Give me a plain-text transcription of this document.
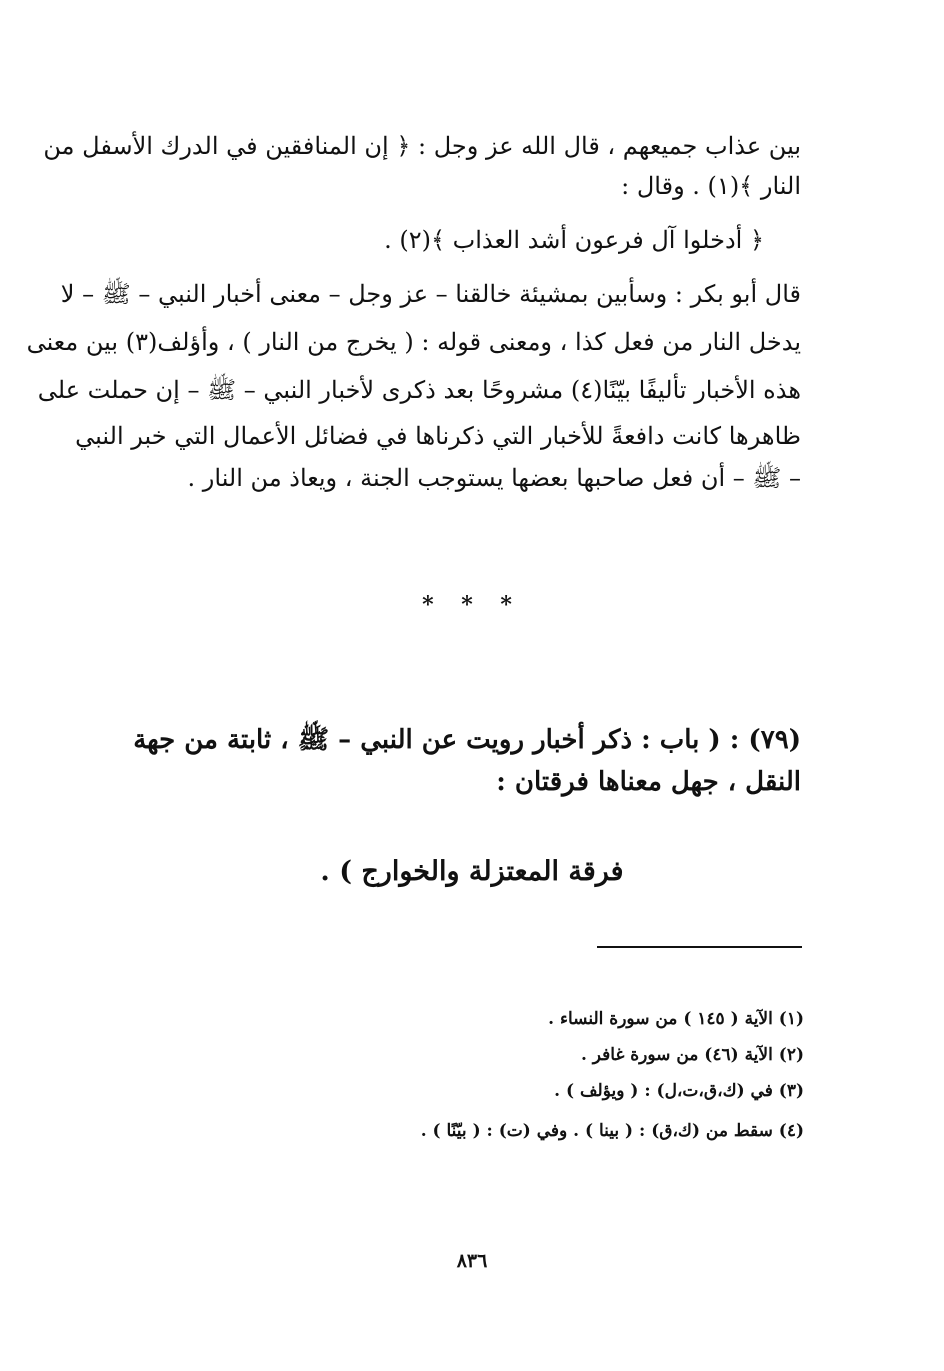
بين عذاب جميعهم ، قال الله عز وجل : ﴿ إن المنافقين في الدرك الأسفل من
النار ﴾(١) . وقال :
﴿ أدخلوا آل فرعون أشد العذاب ﴾(٢) .
قال أبو بكر : وسأبين بمشيئة خالقنا – عز وجل – معنى أخبار النبي – ﷺ – لا
يدخل النار من فعل كذا ، ومعنى قوله : ( يخرج من النار ) ، وأؤلف(٣) بين معنى
هذه الأخبار تأليفًا بيّنًا(٤) مشروحًا بعد ذكرى لأخبار النبي – ﷺ – إن حملت على
ظاهرها كانت دافعةً للأخبار التي ذكرناها في فضائل الأعمال التي خبر النبي
– ﷺ – أن فعل صاحبها بعضها يستوجب الجنة ، ويعاذ من النار .
* * *
(٧٩) : ( باب : ذكر أخبار رويت عن النبي – ﷺ ، ثابتة من جهة
النقل ، جهل معناها فرقتان :
فرقة المعتزلة والخوارج ) .
(١) الآية ( ١٤٥ ) من سورة النساء .
(٢) الآية (٤٦) من سورة غافر .
(٣) في (ك،ق،ت،ل) : ( ويؤلف ) .
(٤) سقط من (ك،ق) : ( بينا ) . وفي (ت) : ( بيّنًا ) .
٨٣٦
